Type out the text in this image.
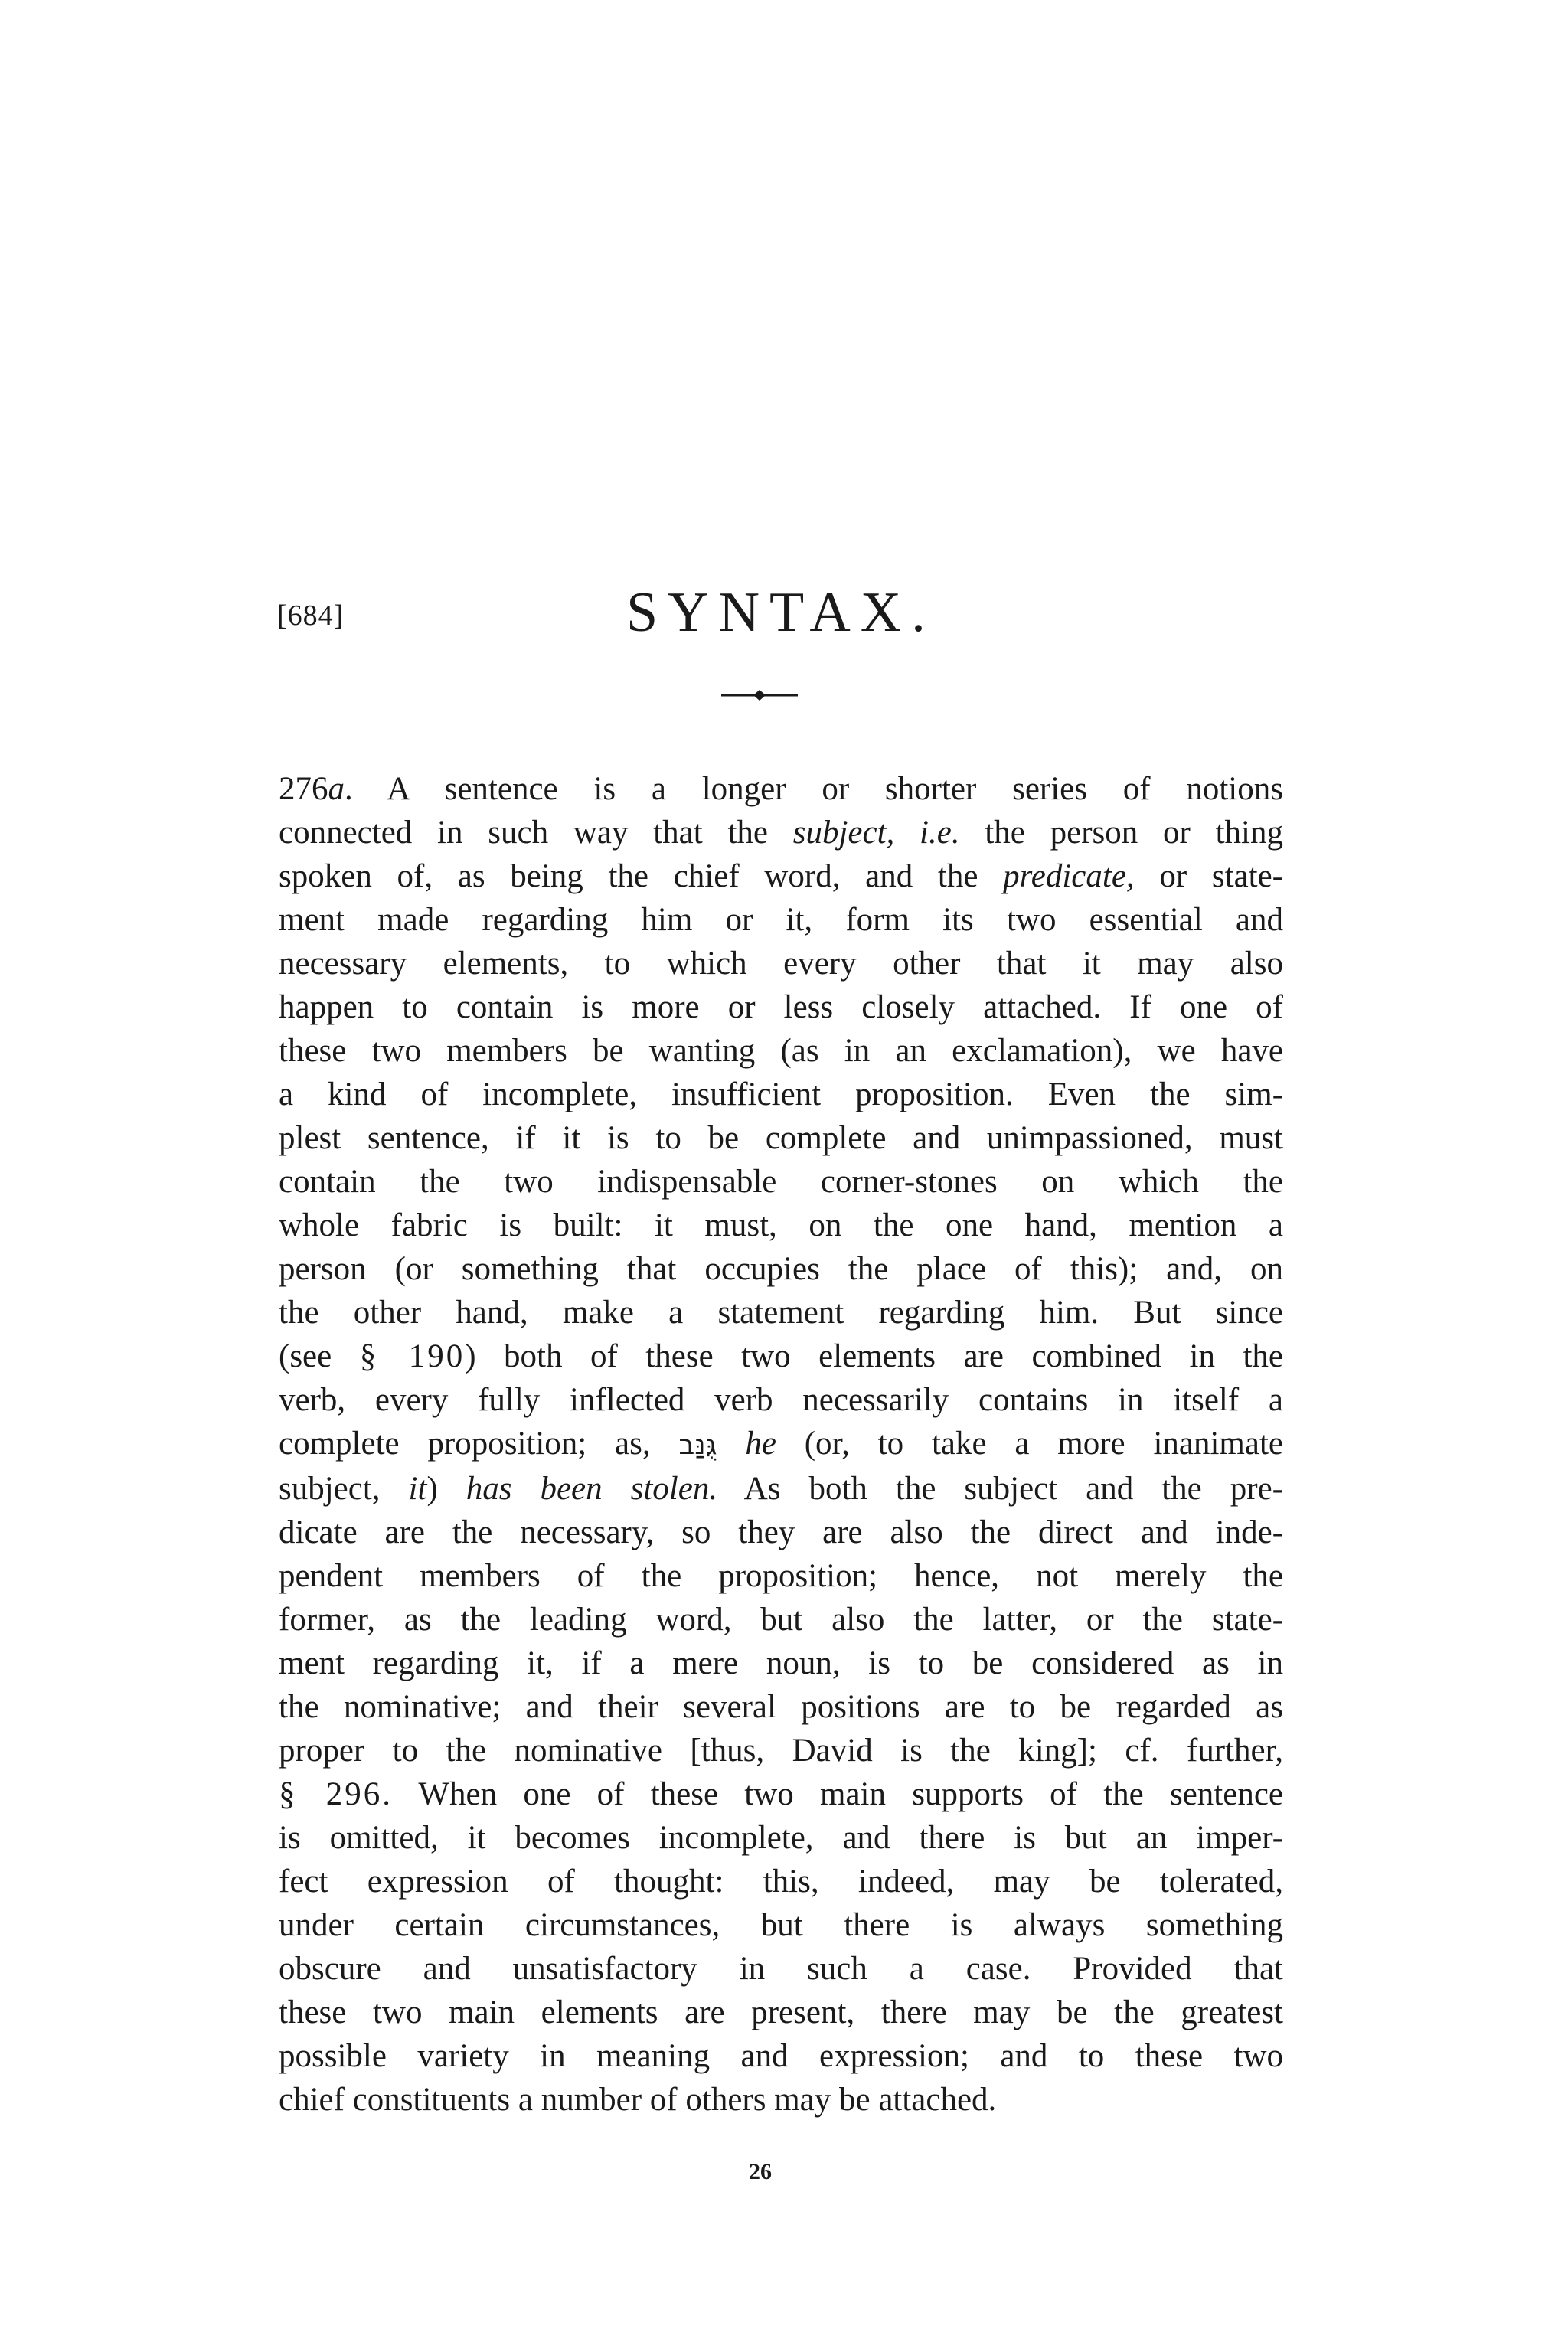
[684]	SYNTAX.
276a. A sentence is a longer or shorter series of notions
connected in such way that the subject, i.e. the person or thing
spoken of, as being the chief word, and the predicate, or state-
ment made regarding him or it, form its two essential and
necessary elements, to which every other that it may also
happen to contain is more or less closely attached. If one of
these two members be wanting (as in an exclamation), we have
a kind of incomplete, insufficient proposition. Even the sim-
plest sentence, if it is to be complete and unimpassioned, must
contain the two indispensable corner-stones on which the
whole fabric is built: it must, on the one hand, mention a
person (or something that occupies the place of this); and, on
the other hand, make a statement regarding him. But since
(see § 190) both of these two elements are combined in the
verb, every fully inflected verb necessarily contains in itself a
complete proposition; as, גֻּנַּב he (or, to take a more inanimate
subject, it) has been stolen. As both the subject and the pre-
dicate are the necessary, so they are also the direct and inde-
pendent members of the proposition; hence, not merely the
former, as the leading word, but also the latter, or the state-
ment regarding it, if a mere noun, is to be considered as in
the nominative; and their several positions are to be regarded as
proper to the nominative [thus, David is the king]; cf. further,
§ 296. When one of these two main supports of the sentence
is omitted, it becomes incomplete, and there is but an imper-
fect expression of thought: this, indeed, may be tolerated,
under certain circumstances, but there is always something
obscure and unsatisfactory in such a case. Provided that
these two main elements are present, there may be the greatest
possible variety in meaning and expression; and to these two
chief constituents a number of others may be attached.
26
